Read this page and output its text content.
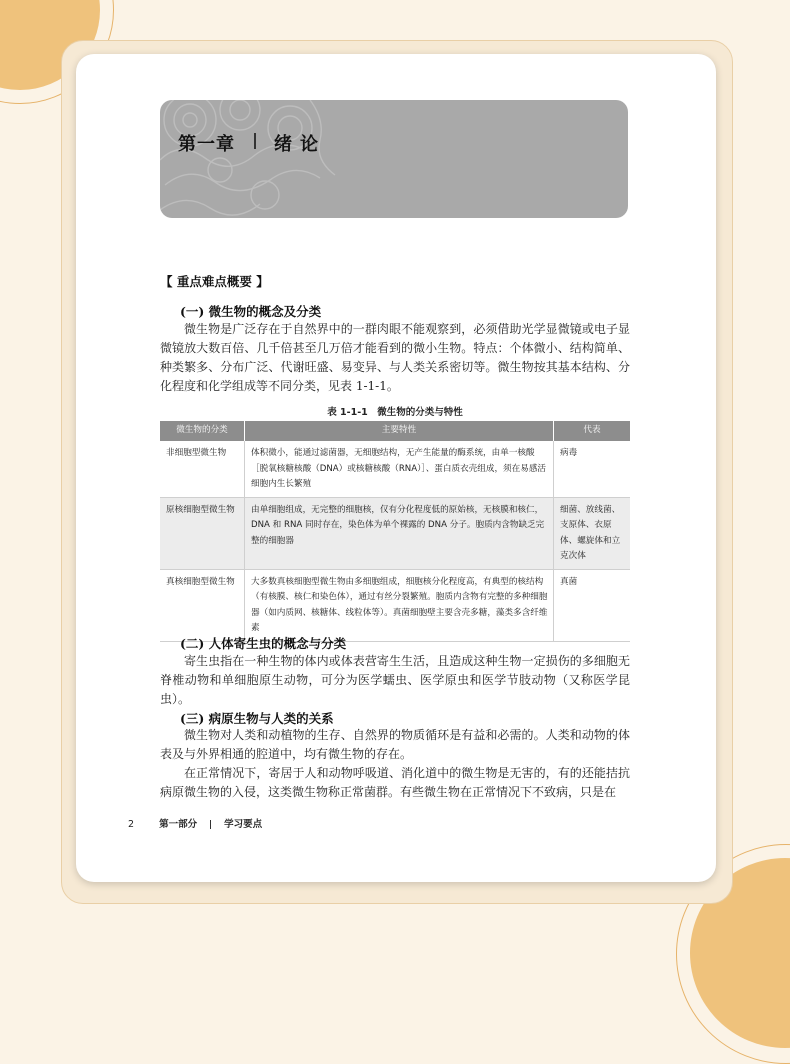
第一章 绪论
【 重点难点概要 】
(一) 微生物的概念及分类

微生物是广泛存在于自然界中的一群肉眼不能观察到，必须借助光学显微镜或电子显微镜放大数百倍、几千倍甚至几万倍才能看到的微小生物。特点：个体微小、结构简单、种类繁多、分布广泛、代谢旺盛、易变异、与人类关系密切等。微生物按其基本结构、分化程度和化学组成等不同分类，见表 1-1-1。

表 1-1-1　微生物的分类与特性
微生物的分类	主要特性	代表
非细胞型微生物	体积微小，能通过滤菌器，无细胞结构，无产生能量的酶系统，由单一核酸［脱氧核糖核酸（DNA）或核糖核酸（RNA）］、蛋白质衣壳组成，须在易感活细胞内生长繁殖	病毒
原核细胞型微生物	由单细胞组成，无完整的细胞核，仅有分化程度低的原始核，无核膜和核仁，DNA 和 RNA 同时存在，染色体为单个裸露的 DNA 分子。胞质内含物缺乏完整的细胞器	细菌、放线菌、支原体、衣原体、螺旋体和立克次体
真核细胞型微生物	大多数真核细胞型微生物由多细胞组成，细胞核分化程度高，有典型的核结构（有核膜、核仁和染色体），通过有丝分裂繁殖。胞质内含物有完整的多种细胞器（如内质网、核糖体、线粒体等）。真菌细胞壁主要含壳多糖，藻类多含纤维素	真菌
(二) 人体寄生虫的概念与分类

寄生虫指在一种生物的体内或体表营寄生生活，且造成这种生物一定损伤的多细胞无脊椎动物和单细胞原生动物，可分为医学蠕虫、医学原虫和医学节肢动物（又称医学昆虫）。

(三) 病原生物与人类的关系

微生物对人类和动植物的生存、自然界的物质循环是有益和必需的。人类和动物的体表及与外界相通的腔道中，均有微生物的存在。

在正常情况下，寄居于人和动物呼吸道、消化道中的微生物是无害的，有的还能拮抗病原微生物的入侵，这类微生物称正常菌群。有些微生物在正常情况下不致病，只是在

2	第一部分	学习要点
